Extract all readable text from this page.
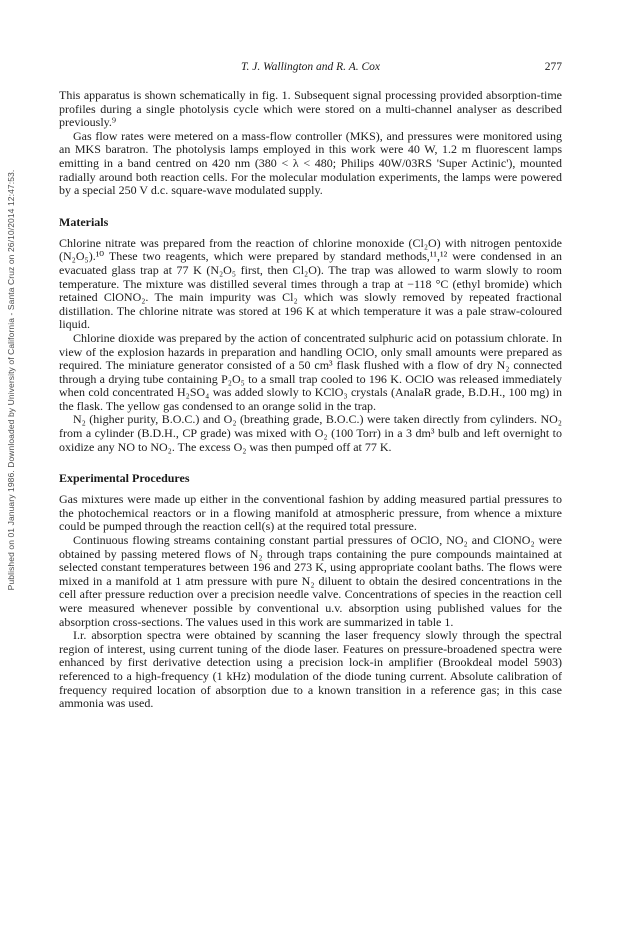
Published on 01 January 1986. Downloaded by University of California - Santa Cruz on 26/10/2014 12:47:53.
T. J. Wallington and R. A. Cox	277

This apparatus is shown schematically in fig. 1. Subsequent signal processing provided absorption-time profiles during a single photolysis cycle which were stored on a multi-channel analyser as described previously.⁹

Gas flow rates were metered on a mass-flow controller (MKS), and pressures were monitored using an MKS baratron. The photolysis lamps employed in this work were 40 W, 1.2 m fluorescent lamps emitting in a band centred on 420 nm (380 < λ < 480; Philips 40W/03RS 'Super Actinic'), mounted radially around both reaction cells. For the molecular modulation experiments, the lamps were powered by a special 250 V d.c. square-wave modulated supply.

Materials

Chlorine nitrate was prepared from the reaction of chlorine monoxide (Cl₂O) with nitrogen pentoxide (N₂O₅).¹⁰ These two reagents, which were prepared by standard methods,¹¹,¹² were condensed in an evacuated glass trap at 77 K (N₂O₅ first, then Cl₂O). The trap was allowed to warm slowly to room temperature. The mixture was distilled several times through a trap at −118 °C (ethyl bromide) which retained ClONO₂. The main impurity was Cl₂ which was slowly removed by repeated fractional distillation. The chlorine nitrate was stored at 196 K at which temperature it was a pale straw-coloured liquid.

Chlorine dioxide was prepared by the action of concentrated sulphuric acid on potassium chlorate. In view of the explosion hazards in preparation and handling OClO, only small amounts were prepared as required. The miniature generator consisted of a 50 cm³ flask flushed with a flow of dry N₂ connected through a drying tube containing P₂O₅ to a small trap cooled to 196 K. OClO was released immediately when cold concentrated H₂SO₄ was added slowly to KClO₃ crystals (AnalaR grade, B.D.H., 100 mg) in the flask. The yellow gas condensed to an orange solid in the trap.

N₂ (higher purity, B.O.C.) and O₂ (breathing grade, B.O.C.) were taken directly from cylinders. NO₂ from a cylinder (B.D.H., CP grade) was mixed with O₂ (100 Torr) in a 3 dm³ bulb and left overnight to oxidize any NO to NO₂. The excess O₂ was then pumped off at 77 K.

Experimental Procedures

Gas mixtures were made up either in the conventional fashion by adding measured partial pressures to the photochemical reactors or in a flowing manifold at atmospheric pressure, from whence a mixture could be pumped through the reaction cell(s) at the required total pressure.

Continuous flowing streams containing constant partial pressures of OClO, NO₂ and ClONO₂ were obtained by passing metered flows of N₂ through traps containing the pure compounds maintained at selected constant temperatures between 196 and 273 K, using appropriate coolant baths. The flows were mixed in a manifold at 1 atm pressure with pure N₂ diluent to obtain the desired concentrations in the cell after pressure reduction over a precision needle valve. Concentrations of species in the reaction cell were measured whenever possible by conventional u.v. absorption using published values for the absorption cross-sections. The values used in this work are summarized in table 1.

I.r. absorption spectra were obtained by scanning the laser frequency slowly through the spectral region of interest, using current tuning of the diode laser. Features on pressure-broadened spectra were enhanced by first derivative detection using a precision lock-in amplifier (Brookdeal model 5903) referenced to a high-frequency (1 kHz) modulation of the diode tuning current. Absolute calibration of frequency required location of absorption due to a known transition in a reference gas; in this case ammonia was used.
